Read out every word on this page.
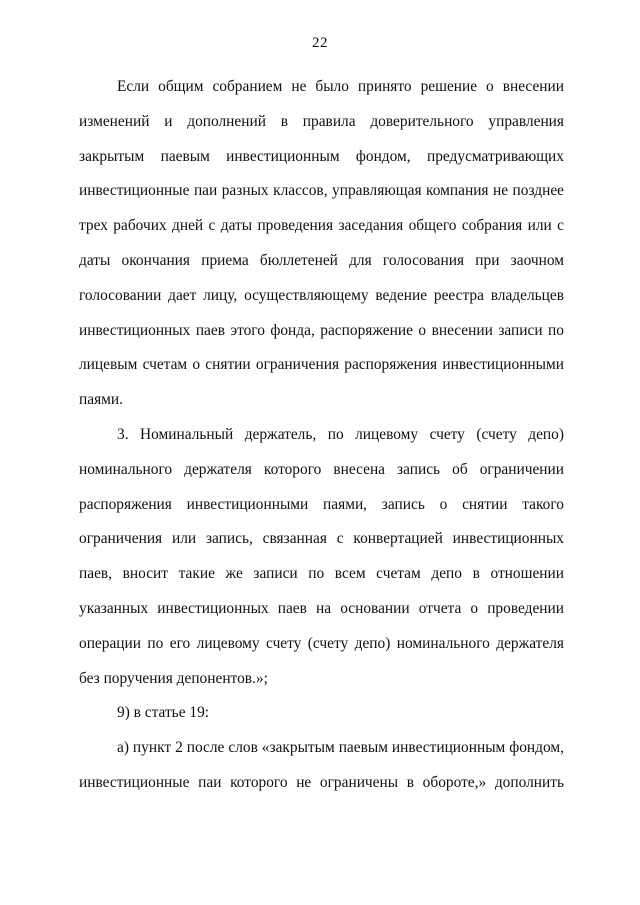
22

Если общим собранием не было принято решение о внесении изменений и дополнений в правила доверительного управления закрытым паевым инвестиционным фондом, предусматривающих инвестиционные паи разных классов, управляющая компания не позднее трех рабочих дней с даты проведения заседания общего собрания или с даты окончания приема бюллетеней для голосования при заочном голосовании дает лицу, осуществляющему ведение реестра владельцев инвестиционных паев этого фонда, распоряжение о внесении записи по лицевым счетам о снятии ограничения распоряжения инвестиционными паями.

3. Номинальный держатель, по лицевому счету (счету депо) номинального держателя которого внесена запись об ограничении распоряжения инвестиционными паями, запись о снятии такого ограничения или запись, связанная с конвертацией инвестиционных паев, вносит такие же записи по всем счетам депо в отношении указанных инвестиционных паев на основании отчета о проведении операции по его лицевому счету (счету депо) номинального держателя без поручения депонентов.»;

9) в статье 19:

а) пункт 2 после слов «закрытым паевым инвестиционным фондом, инвестиционные паи которого не ограничены в обороте,» дополнить
